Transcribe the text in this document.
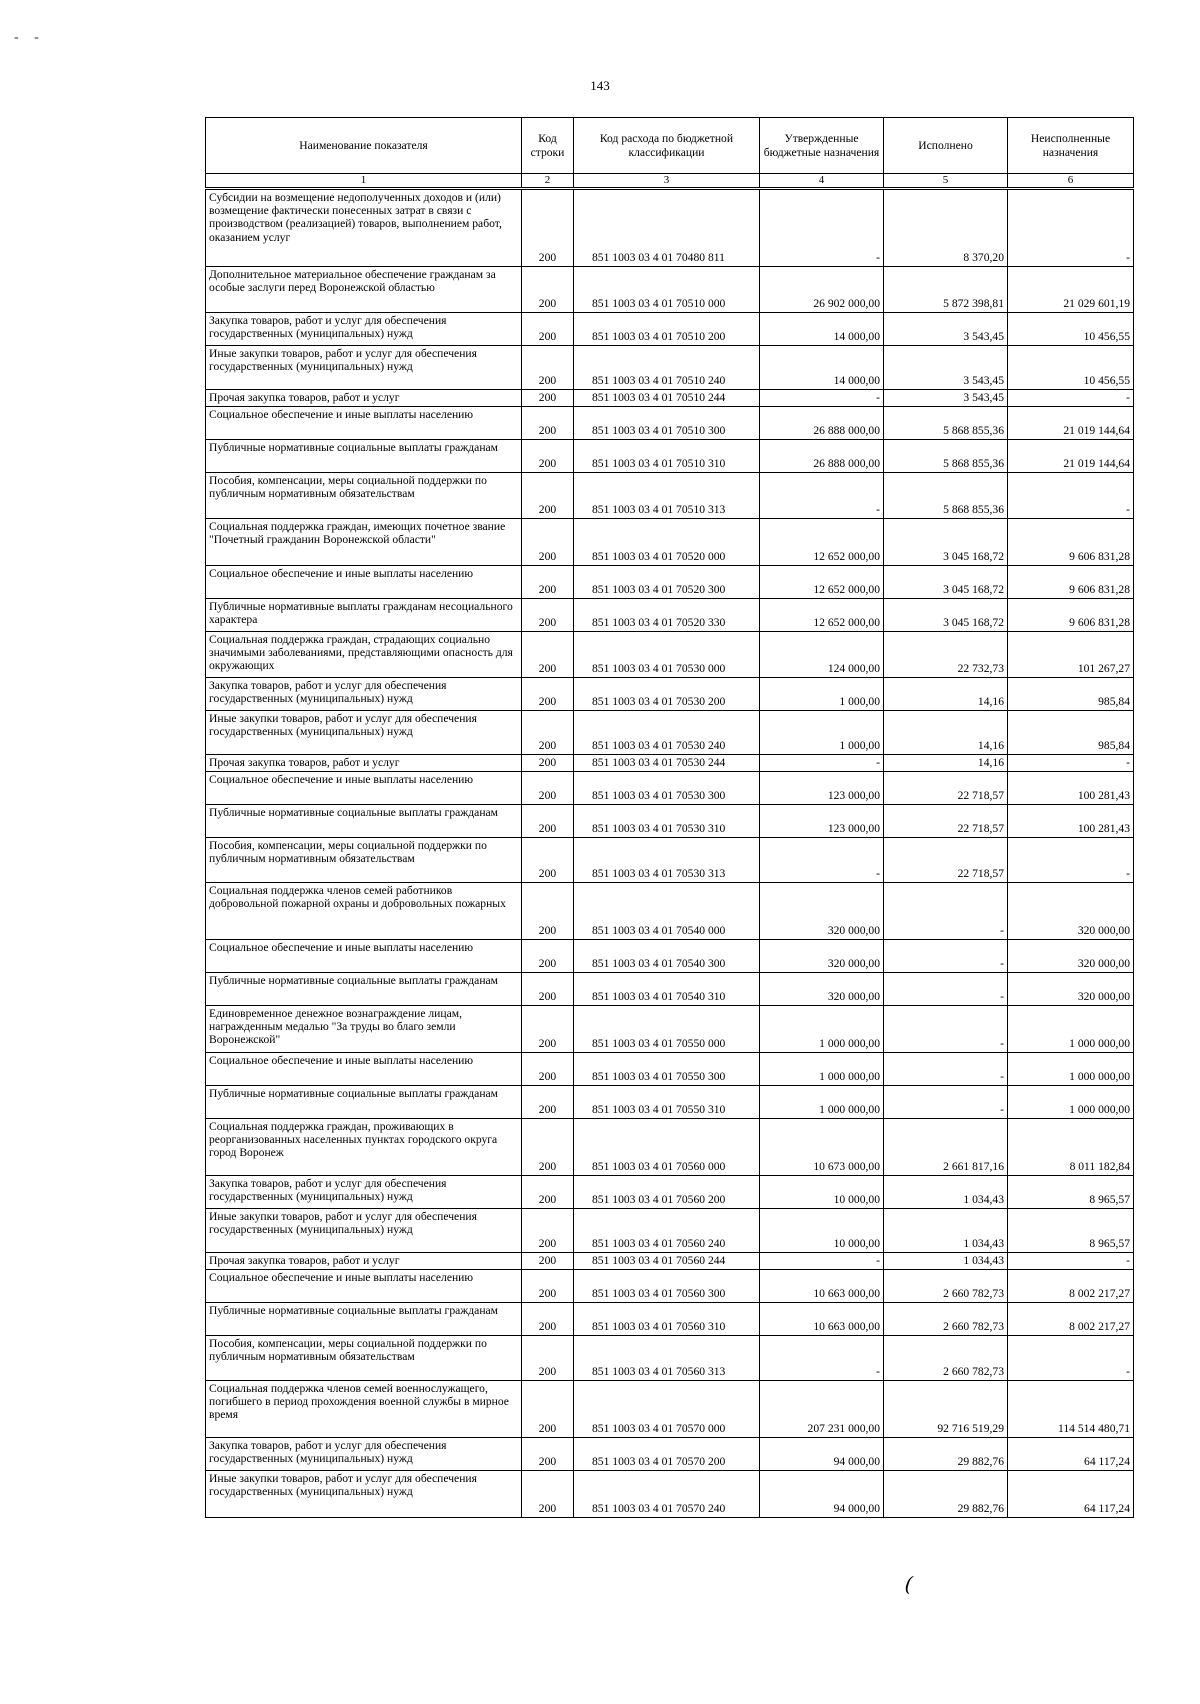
- -
143
Наименование показателя	Код строки	Код расхода по бюджетной классификации	Утвержденные бюджетные назначения	Исполнено	Неисполненные назначения
1	2	3	4	5	6
Субсидии на возмещение недополученных доходов и (или) возмещение фактически понесенных затрат в связи с производством (реализацией) товаров, выполнением работ, оказанием услуг	200	851 1003 03 4 01 70480 811	-	8 370,20	-
Дополнительное материальное обеспечение гражданам за особые заслуги перед Воронежской областью	200	851 1003 03 4 01 70510 000	26 902 000,00	5 872 398,81	21 029 601,19
Закупка товаров, работ и услуг для обеспечения государственных (муниципальных) нужд	200	851 1003 03 4 01 70510 200	14 000,00	3 543,45	10 456,55
Иные закупки товаров, работ и услуг для обеспечения государственных (муниципальных) нужд	200	851 1003 03 4 01 70510 240	14 000,00	3 543,45	10 456,55
Прочая закупка товаров, работ и услуг	200	851 1003 03 4 01 70510 244	-	3 543,45	-
Социальное обеспечение и иные выплаты населению	200	851 1003 03 4 01 70510 300	26 888 000,00	5 868 855,36	21 019 144,64
Публичные нормативные социальные выплаты гражданам	200	851 1003 03 4 01 70510 310	26 888 000,00	5 868 855,36	21 019 144,64
Пособия, компенсации, меры социальной поддержки по публичным нормативным обязательствам	200	851 1003 03 4 01 70510 313	-	5 868 855,36	-
Социальная поддержка граждан, имеющих почетное звание "Почетный гражданин Воронежской области"	200	851 1003 03 4 01 70520 000	12 652 000,00	3 045 168,72	9 606 831,28
Социальное обеспечение и иные выплаты населению	200	851 1003 03 4 01 70520 300	12 652 000,00	3 045 168,72	9 606 831,28
Публичные нормативные выплаты гражданам несоциального характера	200	851 1003 03 4 01 70520 330	12 652 000,00	3 045 168,72	9 606 831,28
Социальная поддержка граждан, страдающих социально значимыми заболеваниями, представляющими опасность для окружающих	200	851 1003 03 4 01 70530 000	124 000,00	22 732,73	101 267,27
Закупка товаров, работ и услуг для обеспечения государственных (муниципальных) нужд	200	851 1003 03 4 01 70530 200	1 000,00	14,16	985,84
Иные закупки товаров, работ и услуг для обеспечения государственных (муниципальных) нужд	200	851 1003 03 4 01 70530 240	1 000,00	14,16	985,84
Прочая закупка товаров, работ и услуг	200	851 1003 03 4 01 70530 244	-	14,16	-
Социальное обеспечение и иные выплаты населению	200	851 1003 03 4 01 70530 300	123 000,00	22 718,57	100 281,43
Публичные нормативные социальные выплаты гражданам	200	851 1003 03 4 01 70530 310	123 000,00	22 718,57	100 281,43
Пособия, компенсации, меры социальной поддержки по публичным нормативным обязательствам	200	851 1003 03 4 01 70530 313	-	22 718,57	-
Социальная поддержка членов семей работников добровольной пожарной охраны и добровольных пожарных	200	851 1003 03 4 01 70540 000	320 000,00	-	320 000,00
Социальное обеспечение и иные выплаты населению	200	851 1003 03 4 01 70540 300	320 000,00	-	320 000,00
Публичные нормативные социальные выплаты гражданам	200	851 1003 03 4 01 70540 310	320 000,00	-	320 000,00
Единовременное денежное вознаграждение лицам, награжденным медалью "За труды во благо земли Воронежской"	200	851 1003 03 4 01 70550 000	1 000 000,00	-	1 000 000,00
Социальное обеспечение и иные выплаты населению	200	851 1003 03 4 01 70550 300	1 000 000,00	-	1 000 000,00
Публичные нормативные социальные выплаты гражданам	200	851 1003 03 4 01 70550 310	1 000 000,00	-	1 000 000,00
Социальная поддержка граждан, проживающих в реорганизованных населенных пунктах городского округа город Воронеж	200	851 1003 03 4 01 70560 000	10 673 000,00	2 661 817,16	8 011 182,84
Закупка товаров, работ и услуг для обеспечения государственных (муниципальных) нужд	200	851 1003 03 4 01 70560 200	10 000,00	1 034,43	8 965,57
Иные закупки товаров, работ и услуг для обеспечения государственных (муниципальных) нужд	200	851 1003 03 4 01 70560 240	10 000,00	1 034,43	8 965,57
Прочая закупка товаров, работ и услуг	200	851 1003 03 4 01 70560 244	-	1 034,43	-
Социальное обеспечение и иные выплаты населению	200	851 1003 03 4 01 70560 300	10 663 000,00	2 660 782,73	8 002 217,27
Публичные нормативные социальные выплаты гражданам	200	851 1003 03 4 01 70560 310	10 663 000,00	2 660 782,73	8 002 217,27
Пособия, компенсации, меры социальной поддержки по публичным нормативным обязательствам	200	851 1003 03 4 01 70560 313	-	2 660 782,73	-
Социальная поддержка членов семей военнослужащего, погибшего в период прохождения военной службы в мирное время	200	851 1003 03 4 01 70570 000	207 231 000,00	92 716 519,29	114 514 480,71
Закупка товаров, работ и услуг для обеспечения государственных (муниципальных) нужд	200	851 1003 03 4 01 70570 200	94 000,00	29 882,76	64 117,24
Иные закупки товаров, работ и услуг для обеспечения государственных (муниципальных) нужд	200	851 1003 03 4 01 70570 240	94 000,00	29 882,76	64 117,24
(
